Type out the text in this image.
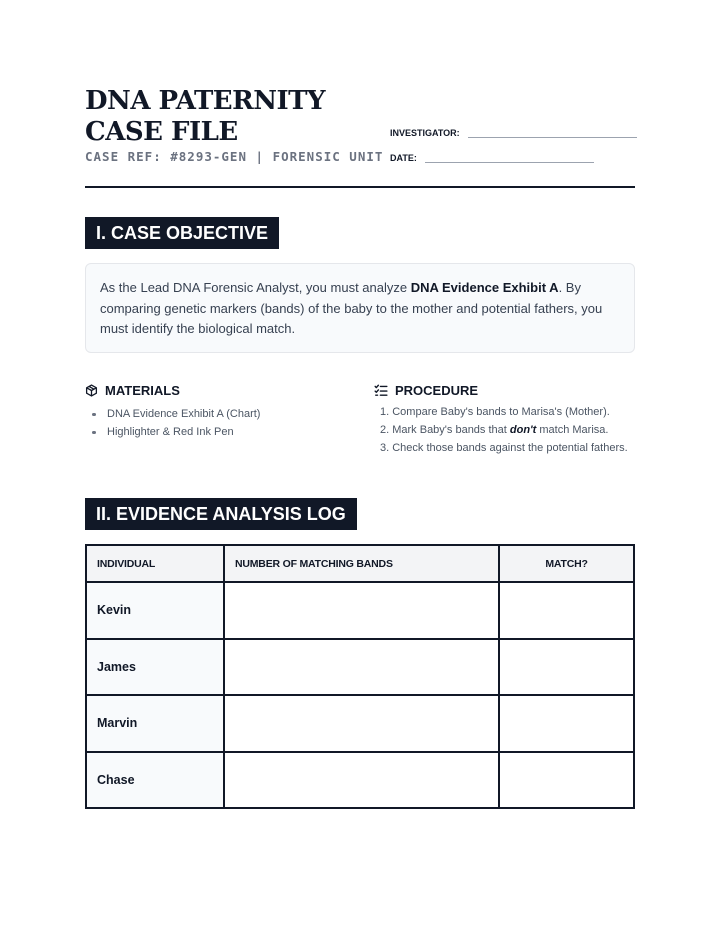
DNA PATERNITY CASE FILE
CASE REF: #8293-GEN | FORENSIC UNIT
INVESTIGATOR:
DATE:
I. CASE OBJECTIVE
As the Lead DNA Forensic Analyst, you must analyze DNA Evidence Exhibit A. By comparing genetic markers (bands) of the baby to the mother and potential fathers, you must identify the biological match.
MATERIALS
DNA Evidence Exhibit A (Chart)
Highlighter & Red Ink Pen
PROCEDURE
1. Compare Baby's bands to Marisa's (Mother).
2. Mark Baby's bands that don't match Marisa.
3. Check those bands against the potential fathers.
II. EVIDENCE ANALYSIS LOG
INDIVIDUAL	NUMBER OF MATCHING BANDS	MATCH?
Kevin		
James		
Marvin		
Chase		
